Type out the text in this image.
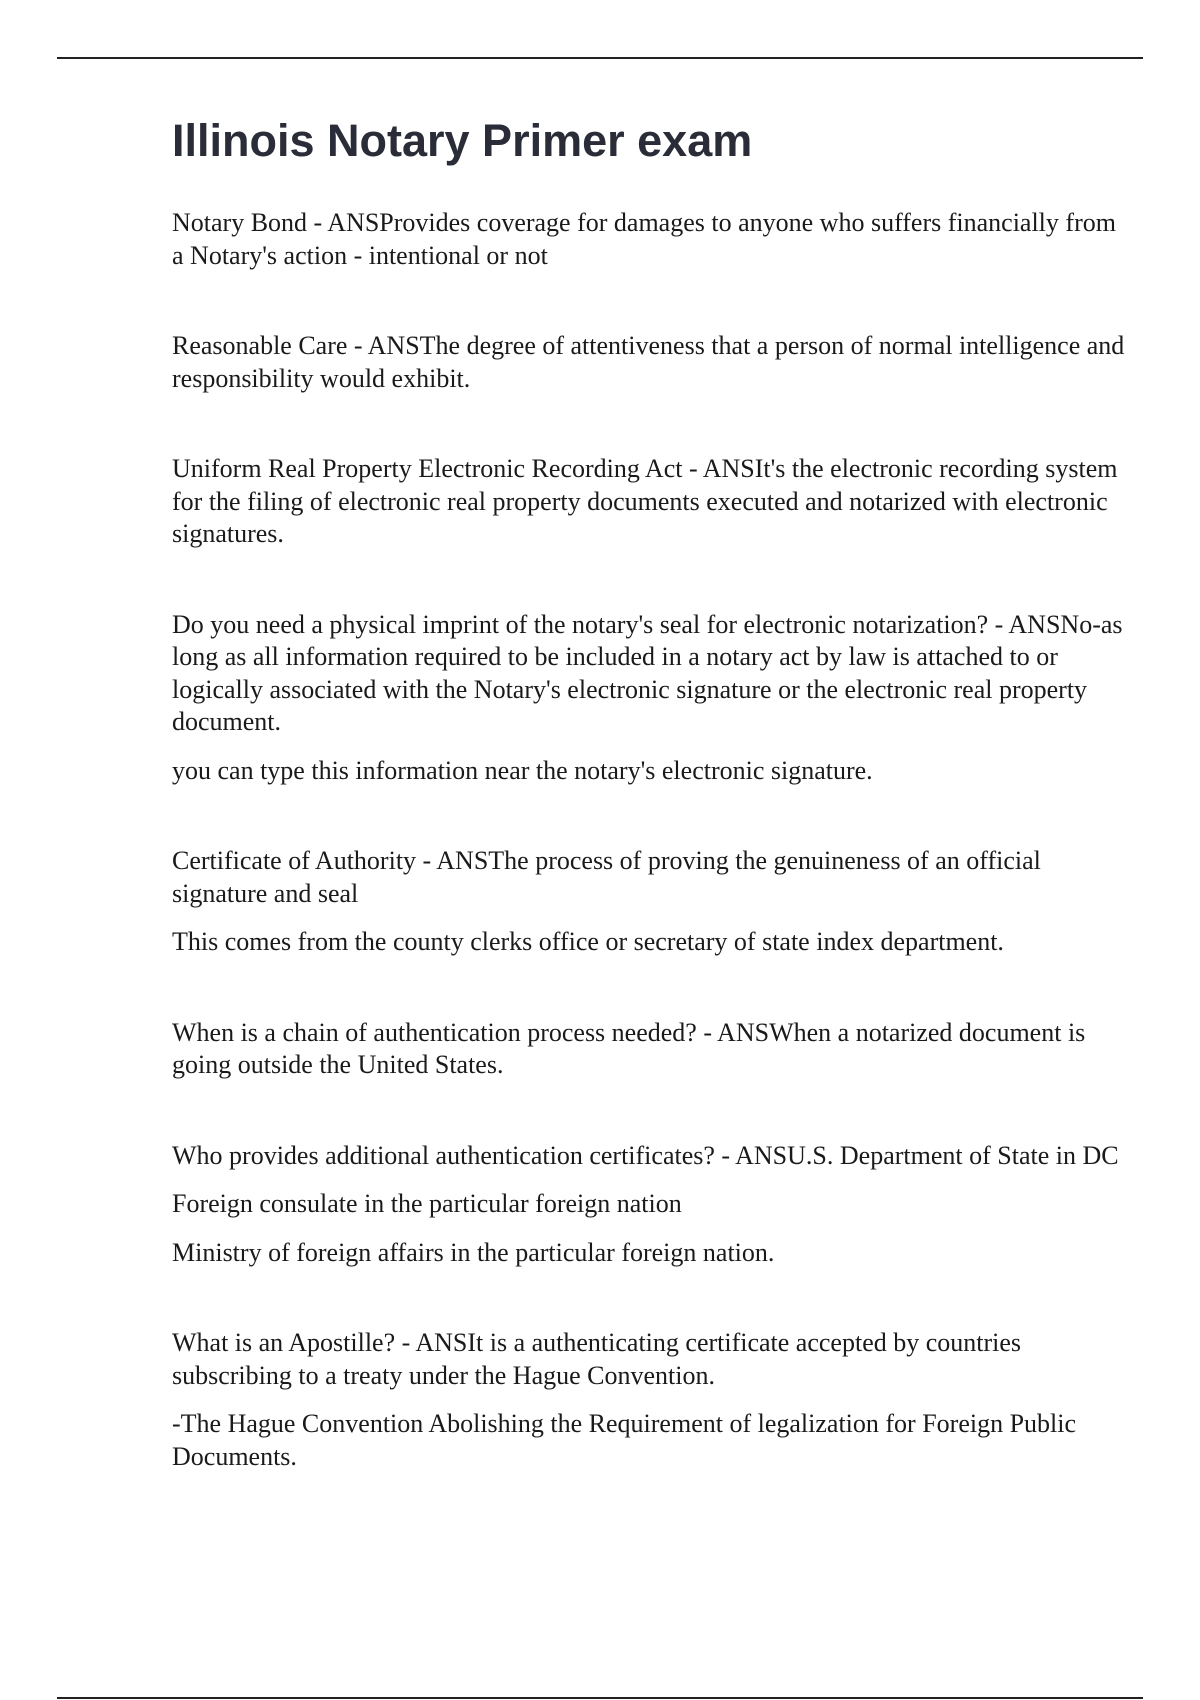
Illinois Notary Primer exam

Notary Bond - ANSProvides coverage for damages to anyone who suffers financially from a Notary's action - intentional or not

Reasonable Care - ANSThe degree of attentiveness that a person of normal intelligence and responsibility would exhibit.

Uniform Real Property Electronic Recording Act - ANSIt's the electronic recording system for the filing of electronic real property documents executed and notarized with electronic signatures.

Do you need a physical imprint of the notary's seal for electronic notarization? - ANSNo-as long as all information required to be included in a notary act by law is attached to or logically associated with the Notary's electronic signature or the electronic real property document.

you can type this information near the notary's electronic signature.

Certificate of Authority - ANSThe process of proving the genuineness of an official signature and seal

This comes from the county clerks office or secretary of state index department.

When is a chain of authentication process needed? - ANSWhen a notarized document is going outside the United States.

Who provides additional authentication certificates? - ANSU.S. Department of State in DC

Foreign consulate in the particular foreign nation

Ministry of foreign affairs in the particular foreign nation.

What is an Apostille? - ANSIt is a authenticating certificate accepted by countries subscribing to a treaty under the Hague Convention.

-The Hague Convention Abolishing the Requirement of legalization for Foreign Public Documents.
